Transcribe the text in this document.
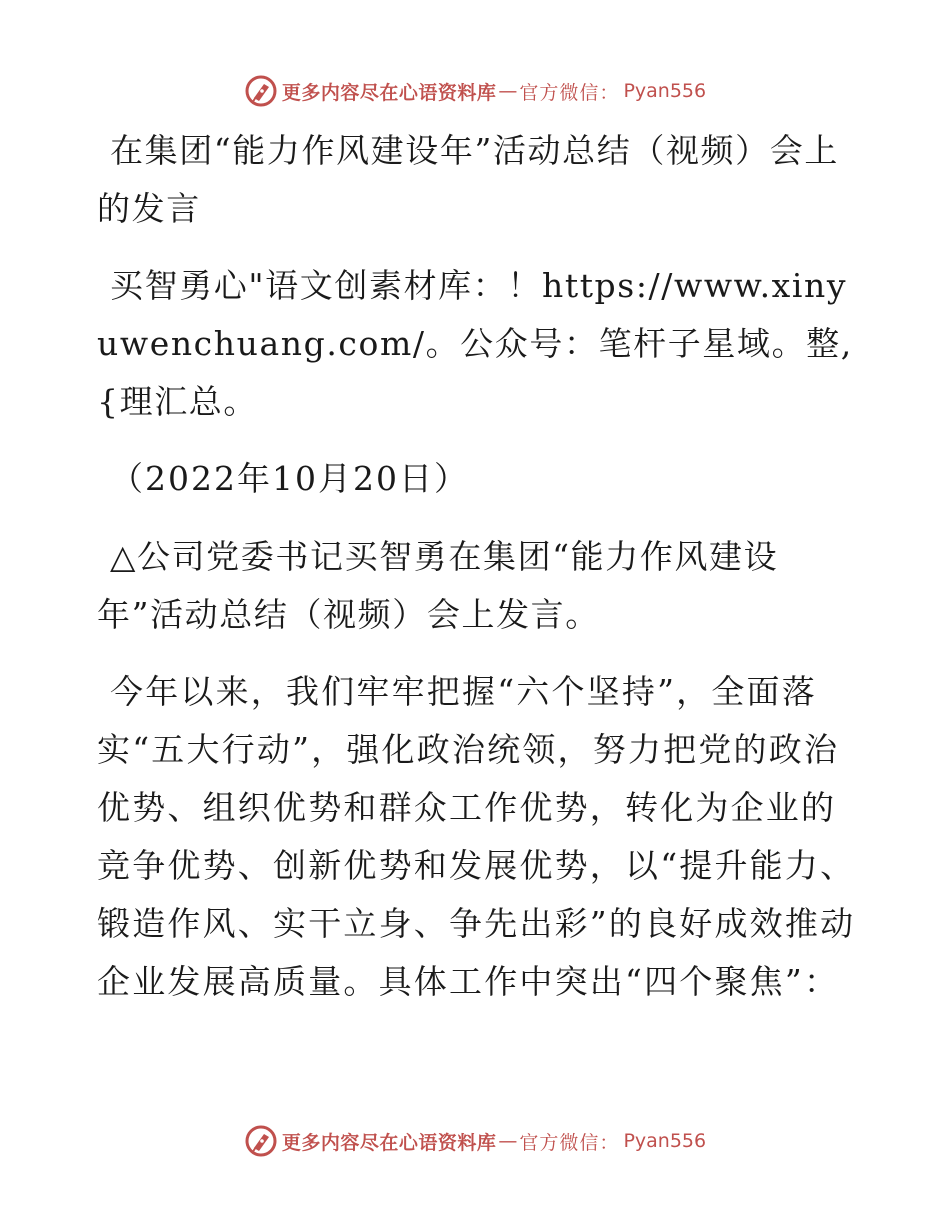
更多内容尽在心语资料库 — 官方微信： Pyan556

在集团“能力作风建设年”活动总结（视频）会上的发言

买智勇心"语文创素材库：！https://www.xinyuwenchuang.com/。公众号：笔杆子星域。整,{理汇总。

（2022年10月20日）

△公司党委书记买智勇在集团“能力作风建设年”活动总结（视频）会上发言。

今年以来，我们牢牢把握“六个坚持”，全面落实“五大行动”，强化政治统领，努力把党的政治优势、组织优势和群众工作优势，转化为企业的竞争优势、创新优势和发展优势，以“提升能力、锻造作风、实干立身、争先出彩”的良好成效推动企业发展高质量。具体工作中突出“四个聚焦”：

更多内容尽在心语资料库 — 官方微信： Pyan556
